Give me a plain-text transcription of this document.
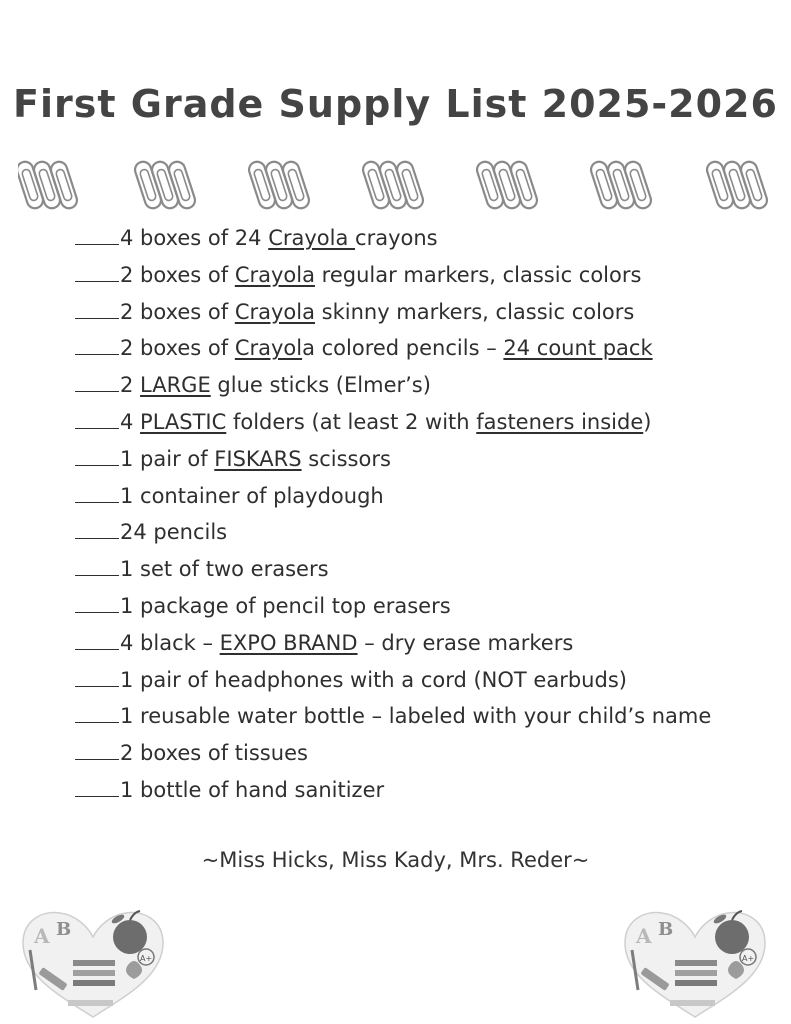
First Grade Supply List 2025-2026
4 boxes of 24 Crayola crayons
2 boxes of Crayola regular markers, classic colors
2 boxes of Crayola skinny markers, classic colors
2 boxes of Crayola colored pencils – 24 count pack
2 LARGE glue sticks (Elmer’s)
4 PLASTIC folders (at least 2 with fasteners inside)
1 pair of FISKARS scissors
1 container of playdough
24 pencils
1 set of two erasers
1 package of pencil top erasers
4 black – EXPO BRAND – dry erase markers
1 pair of headphones with a cord (NOT earbuds)
1 reusable water bottle – labeled with your child’s name
2 boxes of tissues
1 bottle of hand sanitizer
~Miss Hicks, Miss Kady, Mrs. Reder~
A B
A+
A B
A+
